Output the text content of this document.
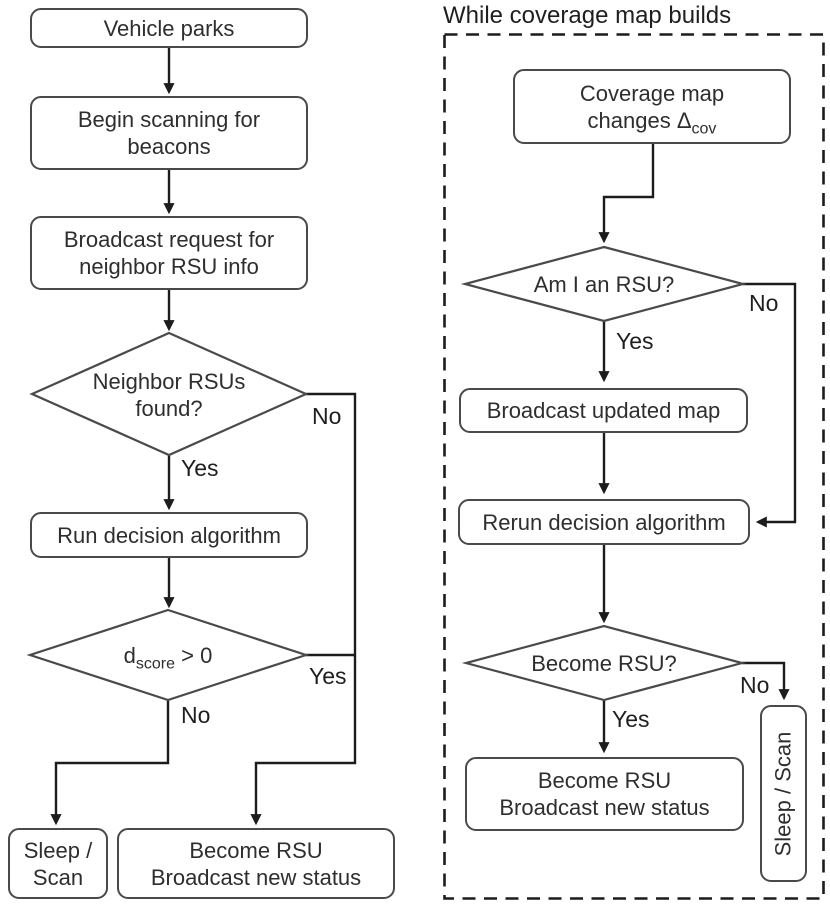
While coverage map builds
Vehicle parks
Begin scanning for
beacons
Broadcast request for
neighbor RSU info
Neighbor RSUs
found?
Run decision algorithm
$d_{score} > 0$
Sleep /
Scan
Become RSU
Broadcast new status
Yes
No
Yes
No
Coverage map
changes $\Delta_{cov}$
Am I an RSU?
Broadcast updated map
Rerun decision algorithm
Become RSU?
Become RSU
Broadcast new status	Sleep / Scan
Yes
No
Yes
No
